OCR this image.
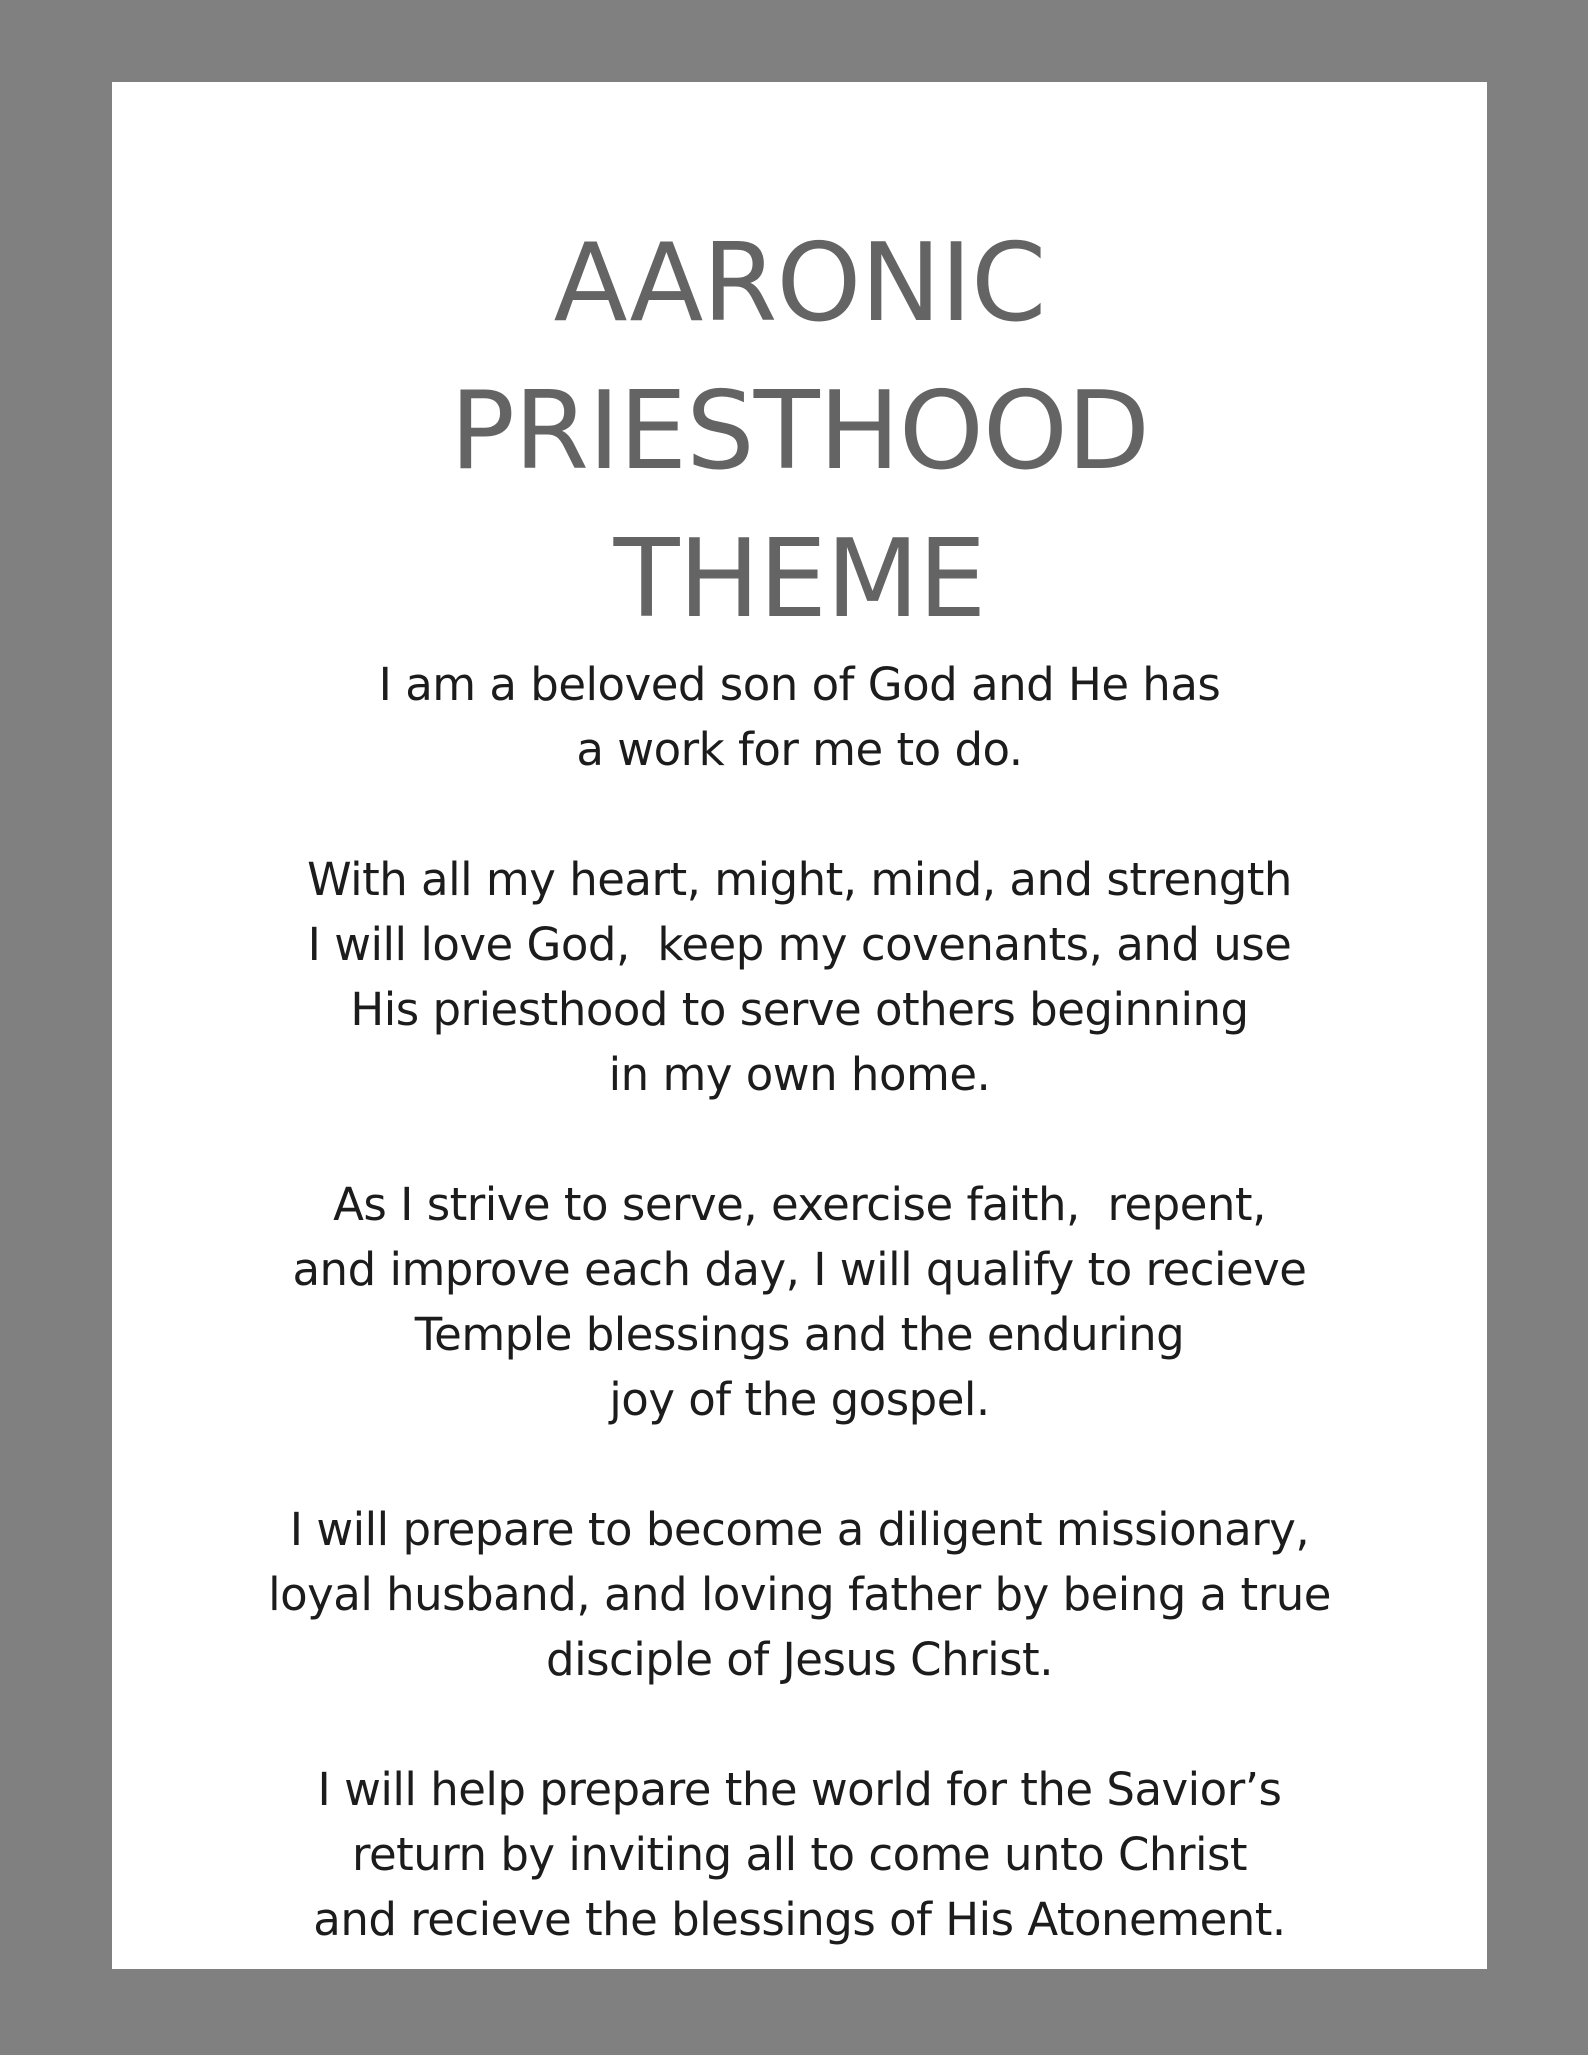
AARONIC
PRIESTHOOD
THEME

I am a beloved son of God and He has
a work for me to do.

With all my heart, might, mind, and strength
I will love God,  keep my covenants, and use
His priesthood to serve others beginning
in my own home.

As I strive to serve, exercise faith,  repent,
and improve each day, I will qualify to recieve
Temple blessings and the enduring
joy of the gospel.

I will prepare to become a diligent missionary,
loyal husband, and loving father by being a true
disciple of Jesus Christ.

I will help prepare the world for the Savior’s
return by inviting all to come unto Christ
and recieve the blessings of His Atonement.
